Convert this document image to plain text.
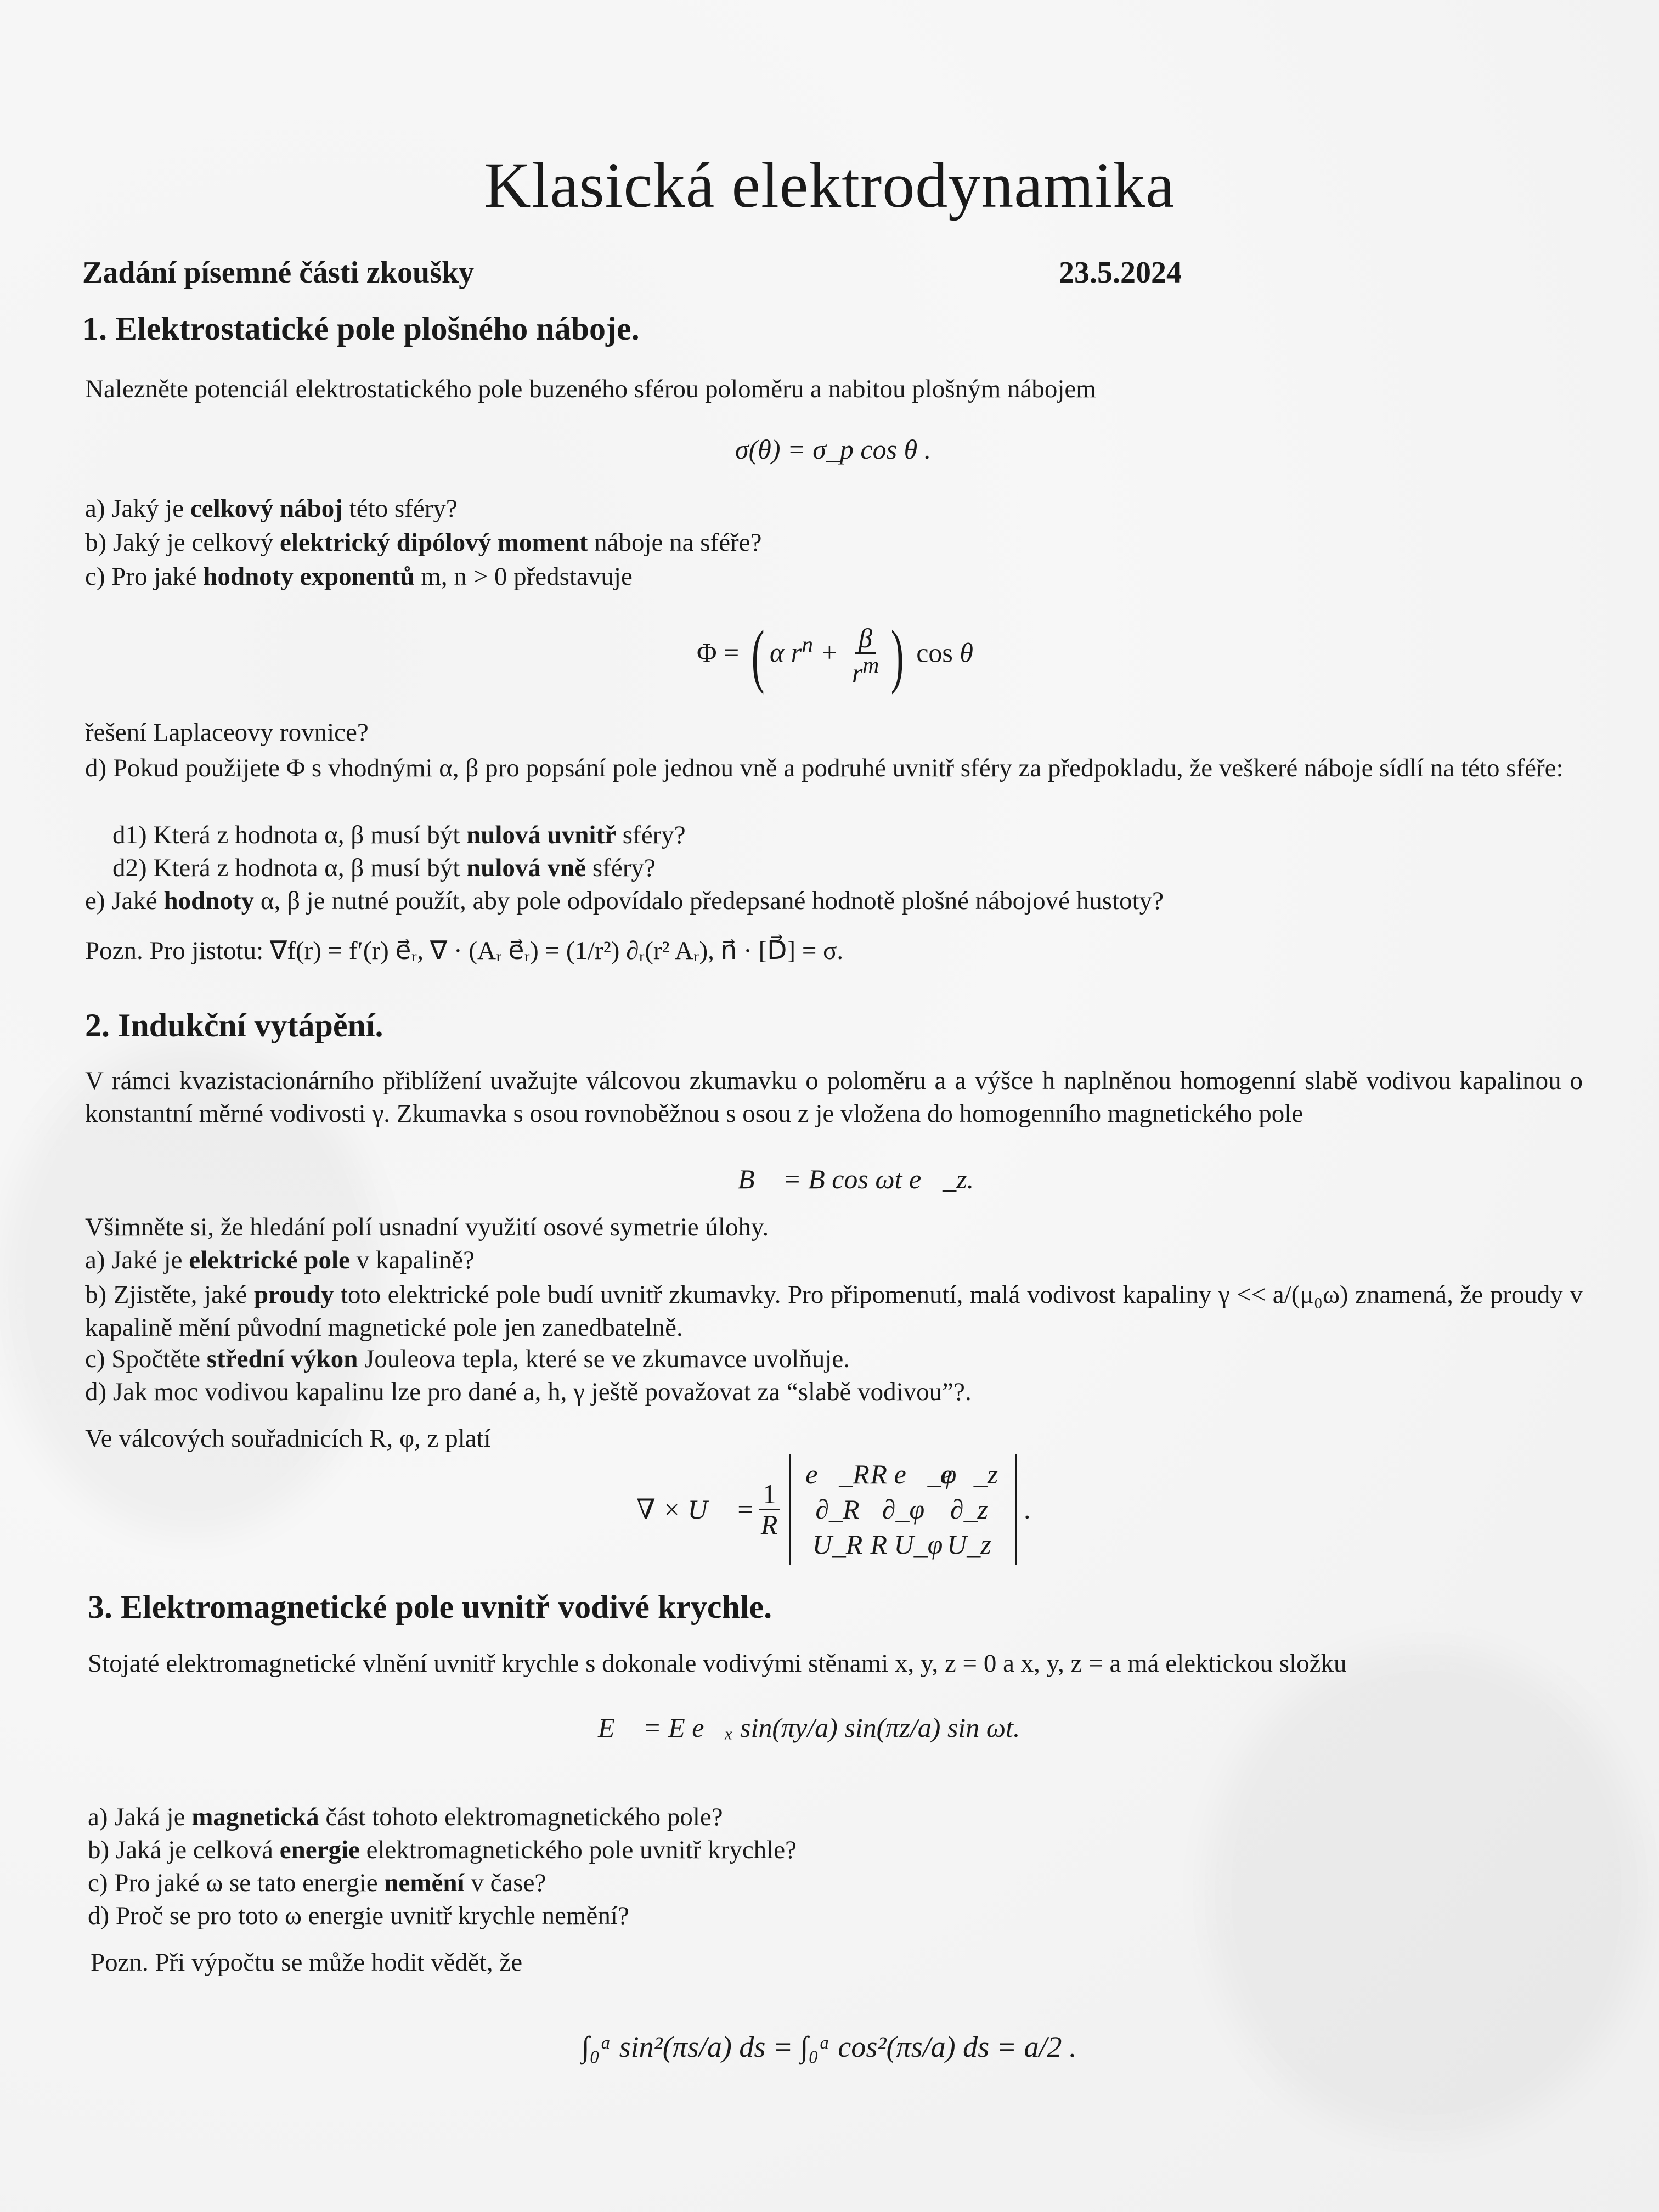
Klasická elektrodynamika
Zadání písemné části zkoušky	23.5.2024
1. Elektrostatické pole plošného náboje.
Nalezněte potenciál elektrostatického pole buzeného sférou poloměru a nabitou plošným nábojem
σ(θ) = σ_p cos θ .
a) Jaký je celkový náboj této sféry?
b) Jaký je celkový elektrický dipólový moment náboje na sféře?
c) Pro jaké hodnoty exponentů m, n > 0 představuje
Φ = ( α $r^n + \frac{\beta}{r^m}$ ) cos θ
řešení Laplaceovy rovnice?
d) Pokud použijete Φ s vhodnými α, β pro popsání pole jednou vně a podruhé uvnitř sféry za předpokladu, že veškeré náboje sídlí na této sféře:
d1) Která z hodnota α, β musí být nulová uvnitř sféry?
d2) Která z hodnota α, β musí být nulová vně sféry?
e) Jaké hodnoty α, β je nutné použít, aby pole odpovídalo předepsané hodnotě plošné nábojové hustoty?
Pozn. Pro jistotu: ∇f(r) = f′(r) e⃗ᵣ, ∇ · (Aᵣ e⃗ᵣ) = (1/r²) ∂ᵣ(r² Aᵣ), n⃗ · [D⃗] = σ.
2. Indukční vytápění.
V rámci kvazistacionárního přiblížení uvažujte válcovou zkumavku o poloměru a a výšce h naplněnou homogenní slabě vodivou kapalinou o konstantní měrné vodivosti γ. Zkumavka s osou rovnoběžnou s osou z je vložena do homogenního magnetického pole
B⃗ = B cos ωt e⃗_z.
Všimněte si, že hledání polí usnadní využití osové symetrie úlohy.
a) Jaké je elektrické pole v kapalině?
b) Zjistěte, jaké proudy toto elektrické pole budí uvnitř zkumavky. Pro připomenutí, malá vodivost kapaliny γ << a/(μ₀ω) znamená, že proudy v kapalině mění původní magnetické pole jen zanedbatelně.
c) Spočtěte střední výkon Jouleova tepla, které se ve zkumavce uvolňuje.
d) Jak moc vodivou kapalinu lze pro dané a, h, γ ještě považovat za “slabě vodivou”?.
Ve válcových souřadnicích R, φ, z platí
∇ × U⃗ = $\frac{1}{R}$
e⃗_R R e⃗_φ
e⃗_z
∂_R ∂_φ ∂_z
U_R R U_φ U_z
.
3. Elektromagnetické pole uvnitř vodivé krychle.
Stojaté elektromagnetické vlnění uvnitř krychle s dokonale vodivými stěnami x, y, z = 0 a x, y, z = a má elektickou složku
E⃗ = E e⃗ₓ sin(πy/a) sin(πz/a) sin ωt.
a) Jaká je magnetická část tohoto elektromagnetického pole?
b) Jaká je celková energie elektromagnetického pole uvnitř krychle?
c) Pro jaké ω se tato energie nemění v čase?
d) Proč se pro toto ω energie uvnitř krychle nemění?
Pozn. Při výpočtu se může hodit vědět, že
∫₀ᵃ sin²(πs/a) ds = ∫₀ᵃ cos²(πs/a) ds = a/2 .
